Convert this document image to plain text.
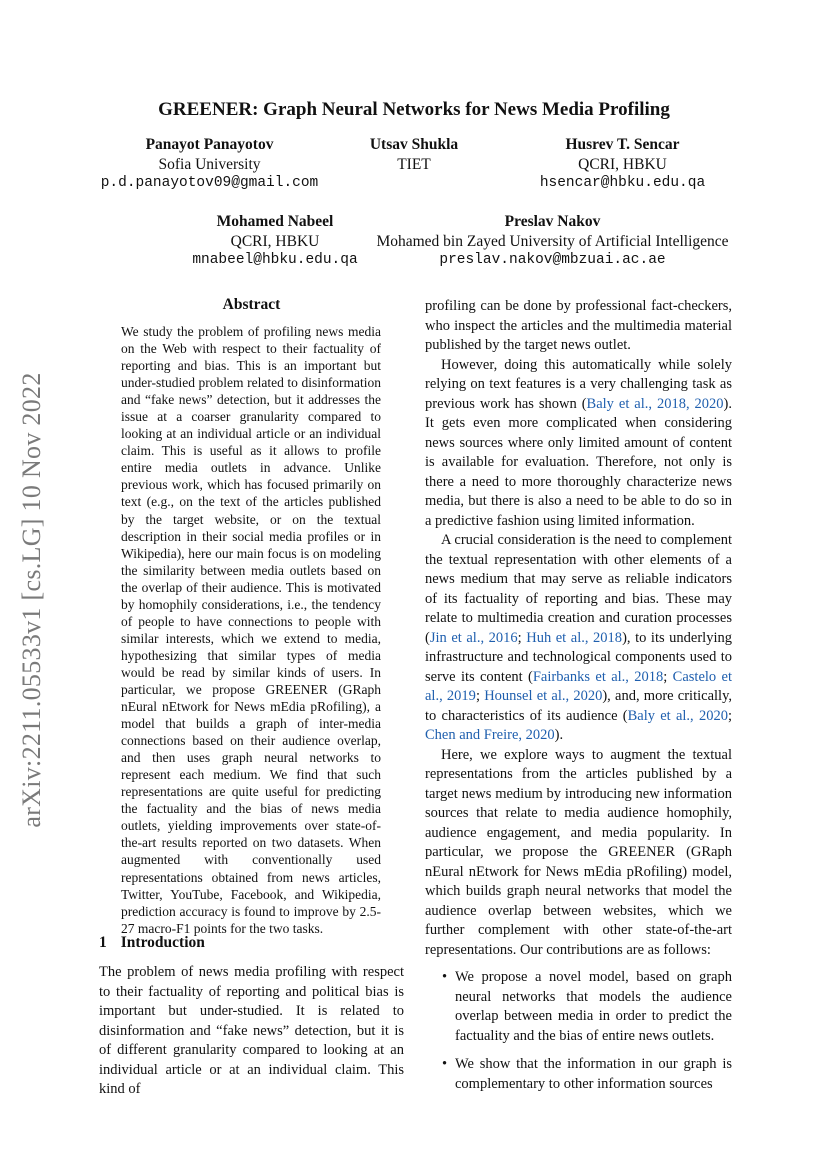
arXiv:2211.05533v1 [cs.LG] 10 Nov 2022
GREENER: Graph Neural Networks for News Media Profiling
Panayot Panayotov
Sofia University
p.d.panayotov09@gmail.com
Utsav Shukla
TIET
Husrev T. Sencar
QCRI, HBKU
hsencar@hbku.edu.qa
Mohamed Nabeel
QCRI, HBKU
mnabeel@hbku.edu.qa
Preslav Nakov
Mohamed bin Zayed University of Artificial Intelligence
preslav.nakov@mbzuai.ac.ae
Abstract
We study the problem of profiling news media on the Web with respect to their factuality of reporting and bias. This is an important but under-studied problem related to disinformation and “fake news” detection, but it addresses the issue at a coarser granularity compared to looking at an individual article or an individual claim. This is useful as it allows to profile entire media outlets in advance. Unlike previous work, which has focused primarily on text (e.g., on the text of the articles published by the target website, or on the textual description in their social media profiles or in Wikipedia), here our main focus is on modeling the similarity between media outlets based on the overlap of their audience. This is motivated by homophily considerations, i.e., the tendency of people to have connections to people with similar interests, which we extend to media, hypothesizing that similar types of media would be read by similar kinds of users. In particular, we propose GREENER (GRaph nEural nEtwork for News mEdia pRofiling), a model that builds a graph of inter-media connections based on their audience overlap, and then uses graph neural networks to represent each medium. We find that such representations are quite useful for predicting the factuality and the bias of news media outlets, yielding improvements over state-of-the-art results reported on two datasets. When augmented with conventionally used representations obtained from news articles, Twitter, YouTube, Facebook, and Wikipedia, prediction accuracy is found to improve by 2.5-27 macro-F1 points for the two tasks.
1 Introduction
The problem of news media profiling with respect to their factuality of reporting and political bias is important but under-studied. It is related to disinformation and “fake news” detection, but it is of different granularity compared to looking at an individual article or at an individual claim. This kind of

profiling can be done by professional fact-checkers, who inspect the articles and the multimedia material published by the target news outlet.

However, doing this automatically while solely relying on text features is a very challenging task as previous work has shown (Baly et al., 2018, 2020). It gets even more complicated when considering news sources where only limited amount of content is available for evaluation. Therefore, not only is there a need to more thoroughly characterize news media, but there is also a need to be able to do so in a predictive fashion using limited information.

A crucial consideration is the need to complement the textual representation with other elements of a news medium that may serve as reliable indicators of its factuality of reporting and bias. These may relate to multimedia creation and curation processes (Jin et al., 2016; Huh et al., 2018), to its underlying infrastructure and technological components used to serve its content (Fairbanks et al., 2018; Castelo et al., 2019; Hounsel et al., 2020), and, more critically, to characteristics of its audience (Baly et al., 2020; Chen and Freire, 2020).

Here, we explore ways to augment the textual representations from the articles published by a target news medium by introducing new information sources that relate to media audience homophily, audience engagement, and media popularity. In particular, we propose the GREENER (GRaph nEural nEtwork for News mEdia pRofiling) model, which builds graph neural networks that model the audience overlap between websites, which we further complement with other state-of-the-art representations. Our contributions are as follows:

• We propose a novel model, based on graph neural networks that models the audience overlap between media in order to predict the factuality and the bias of entire news outlets.
• We show that the information in our graph is complementary to other information sources
